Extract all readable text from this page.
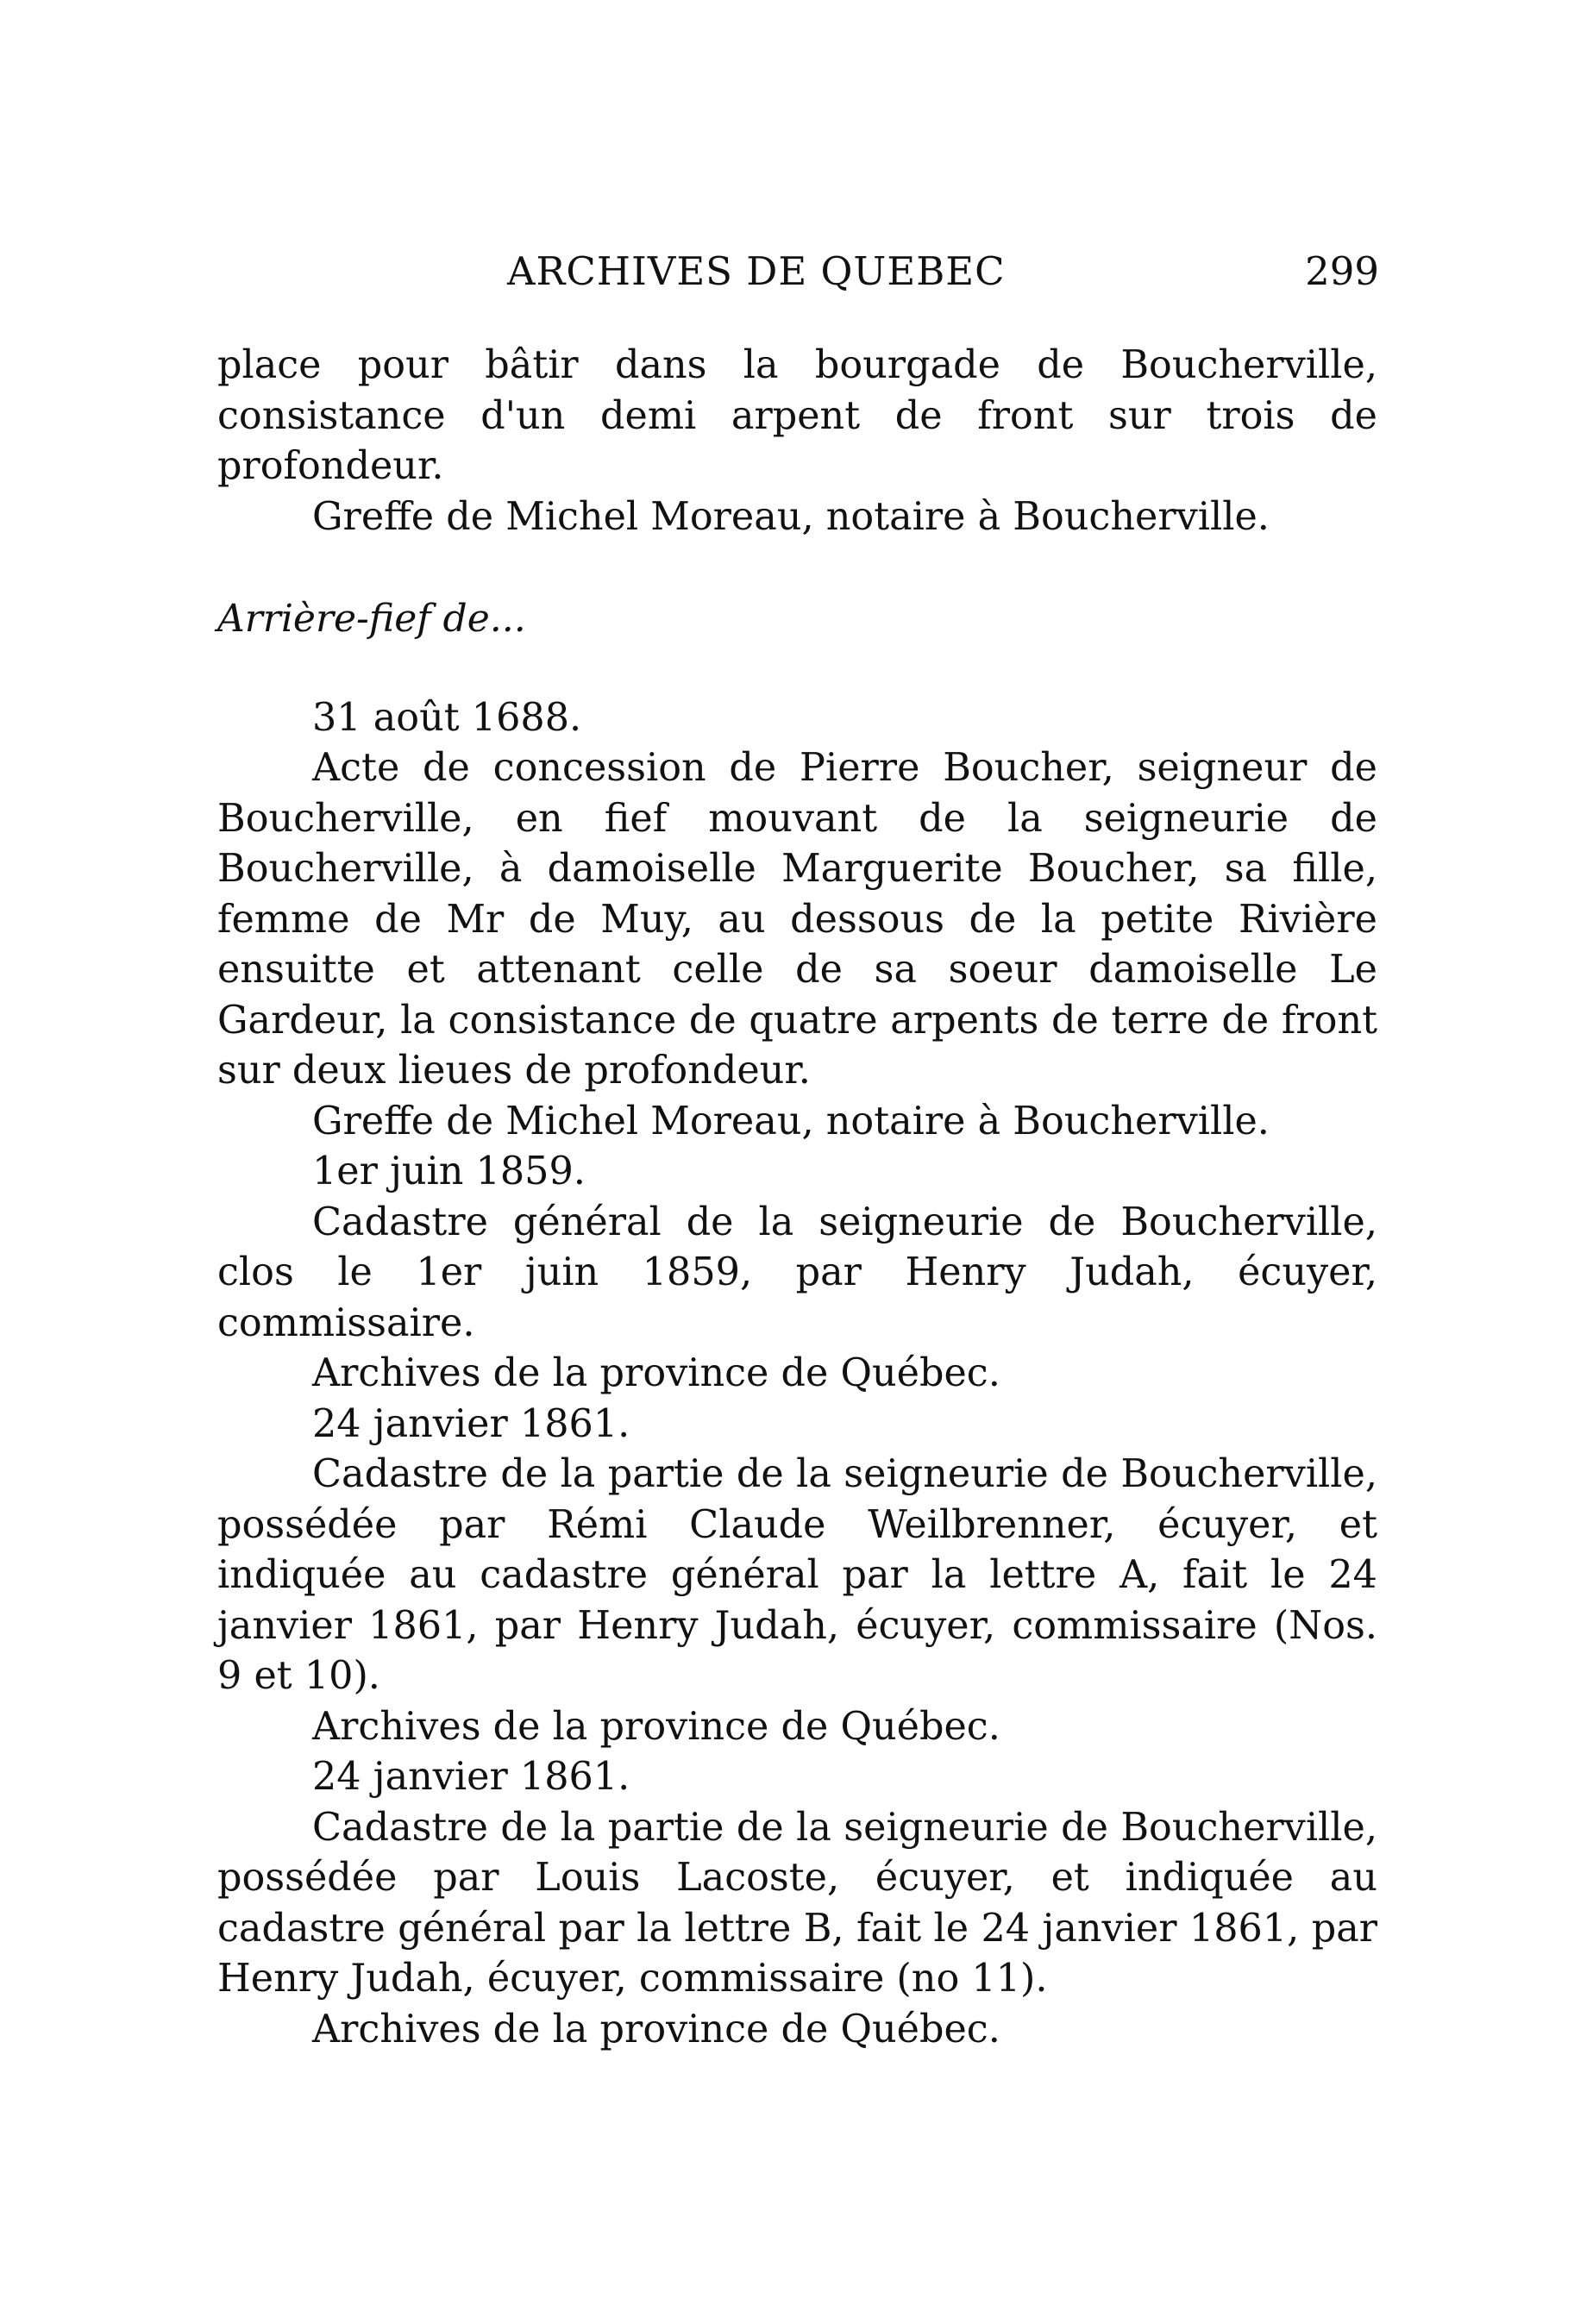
ARCHIVES DE QUEBEC	299

place pour bâtir dans la bourgade de Boucherville, consistance d'un demi arpent de front sur trois de profondeur.

Greffe de Michel Moreau, notaire à Boucherville.

Arrière-fief de...

31 août 1688.

Acte de concession de Pierre Boucher, seigneur de Boucherville, en fief mouvant de la seigneurie de Boucherville, à damoiselle Marguerite Boucher, sa fille, femme de Mr de Muy, au dessous de la petite Rivière ensuitte et attenant celle de sa soeur damoiselle Le Gardeur, la consistance de quatre arpents de terre de front sur deux lieues de profondeur.

Greffe de Michel Moreau, notaire à Boucherville.

1er juin 1859.

Cadastre général de la seigneurie de Boucherville, clos le 1er juin 1859, par Henry Judah, écuyer, commissaire.

Archives de la province de Québec.

24 janvier 1861.

Cadastre de la partie de la seigneurie de Boucherville, possédée par Rémi Claude Weilbrenner, écuyer, et indiquée au cadastre général par la lettre A, fait le 24 janvier 1861, par Henry Judah, écuyer, commissaire (Nos. 9 et 10).

Archives de la province de Québec.

24 janvier 1861.

Cadastre de la partie de la seigneurie de Boucherville, possédée par Louis Lacoste, écuyer, et indiquée au cadastre général par la lettre B, fait le 24 janvier 1861, par Henry Judah, écuyer, commissaire (no 11).

Archives de la province de Québec.
